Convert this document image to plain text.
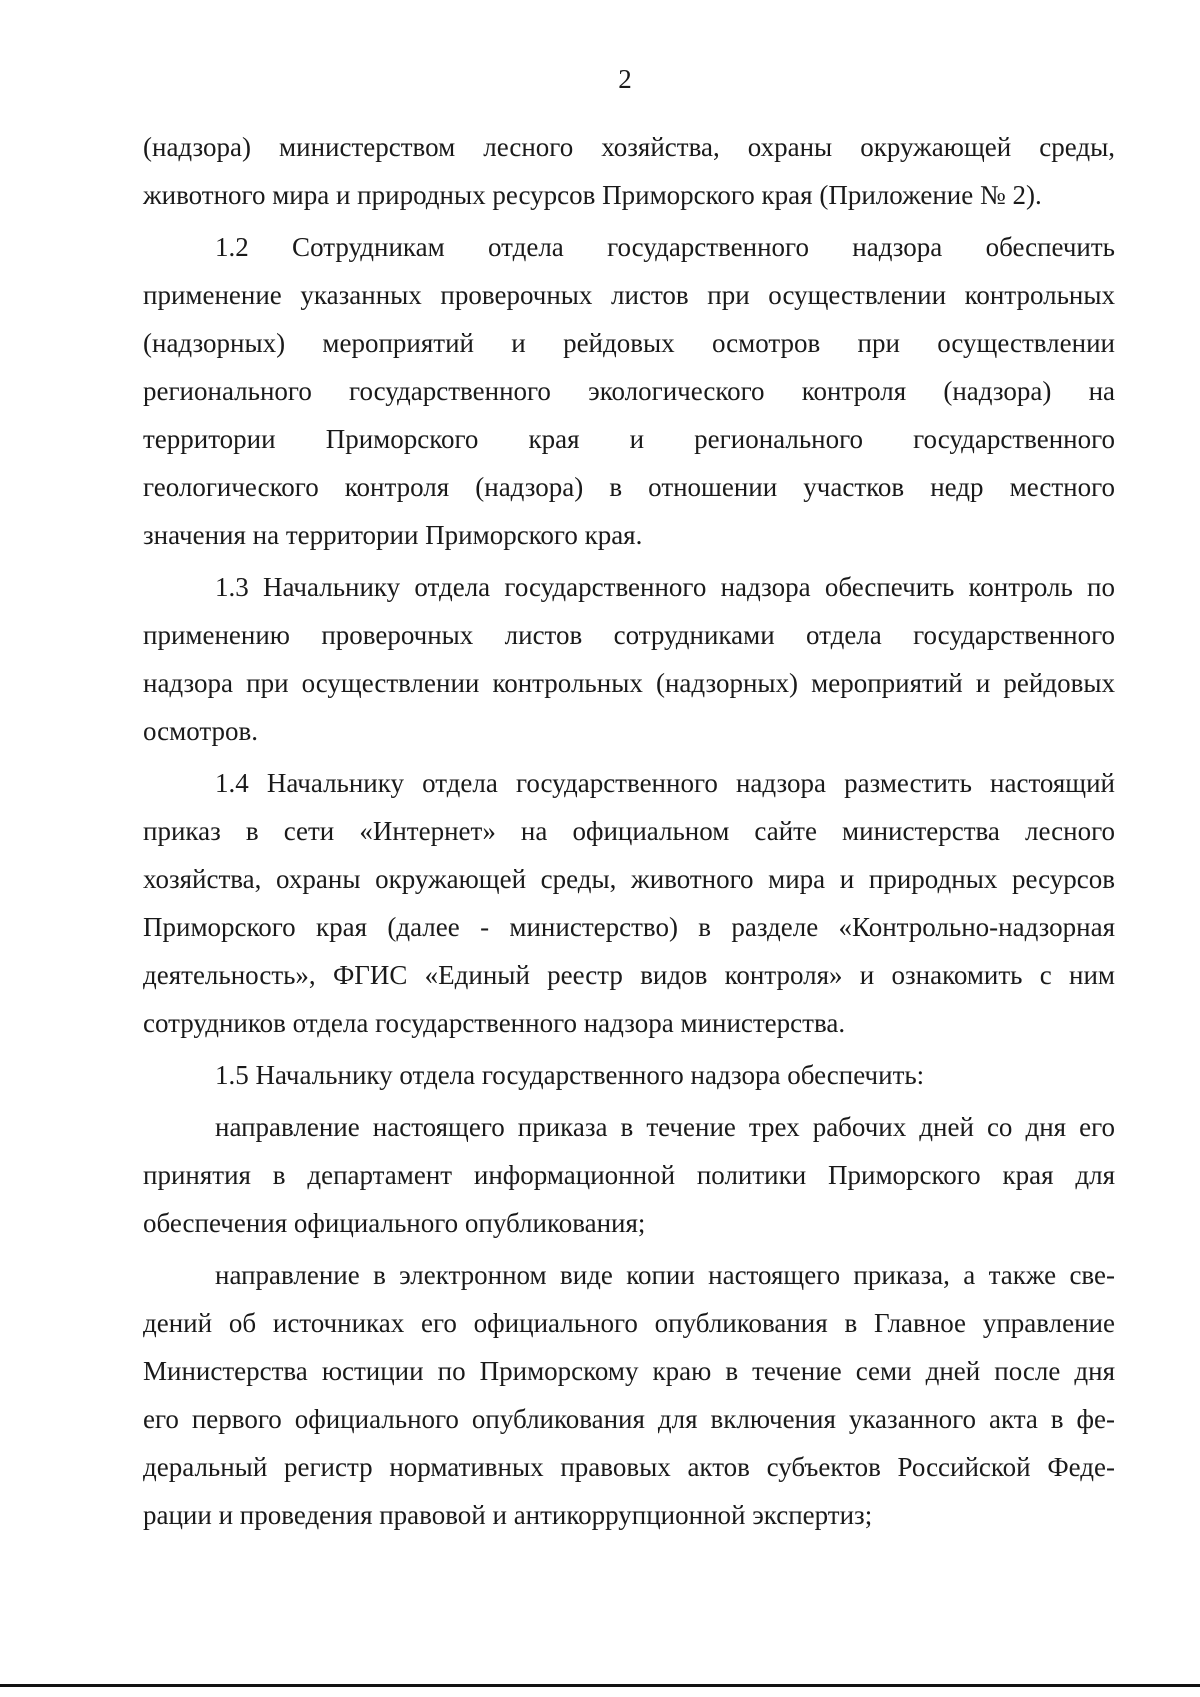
2
(надзора) министерством лесного хозяйства, охраны окружающей среды,
животного мира и природных ресурсов Приморского края (Приложение № 2).
1.2 Сотрудникам отдела государственного надзора обеспечить
применение указанных проверочных листов при осуществлении контрольных
(надзорных) мероприятий и рейдовых осмотров при осуществлении
регионального государственного экологического контроля (надзора) на
территории Приморского края и регионального государственного
геологического контроля (надзора) в отношении участков недр местного
значения на территории Приморского края.
1.3 Начальнику отдела государственного надзора обеспечить контроль по
применению проверочных листов сотрудниками отдела государственного
надзора при осуществлении контрольных (надзорных) мероприятий и рейдовых
осмотров.
1.4 Начальнику отдела государственного надзора разместить настоящий
приказ в сети «Интернет» на официальном сайте министерства лесного
хозяйства, охраны окружающей среды, животного мира и природных ресурсов
Приморского края (далее - министерство) в разделе «Контрольно-надзорная
деятельность», ФГИС «Единый реестр видов контроля» и ознакомить с ним
сотрудников отдела государственного надзора министерства.
1.5 Начальнику отдела государственного надзора обеспечить:
направление настоящего приказа в течение трех рабочих дней со дня его
принятия в департамент информационной политики Приморского края для
обеспечения официального опубликования;
направление в электронном виде копии настоящего приказа, а также све-
дений об источниках его официального опубликования в Главное управление
Министерства юстиции по Приморскому краю в течение семи дней после дня
его первого официального опубликования для включения указанного акта в фе-
деральный регистр нормативных правовых актов субъектов Российской Феде-
рации и проведения правовой и антикоррупционной экспертиз;
